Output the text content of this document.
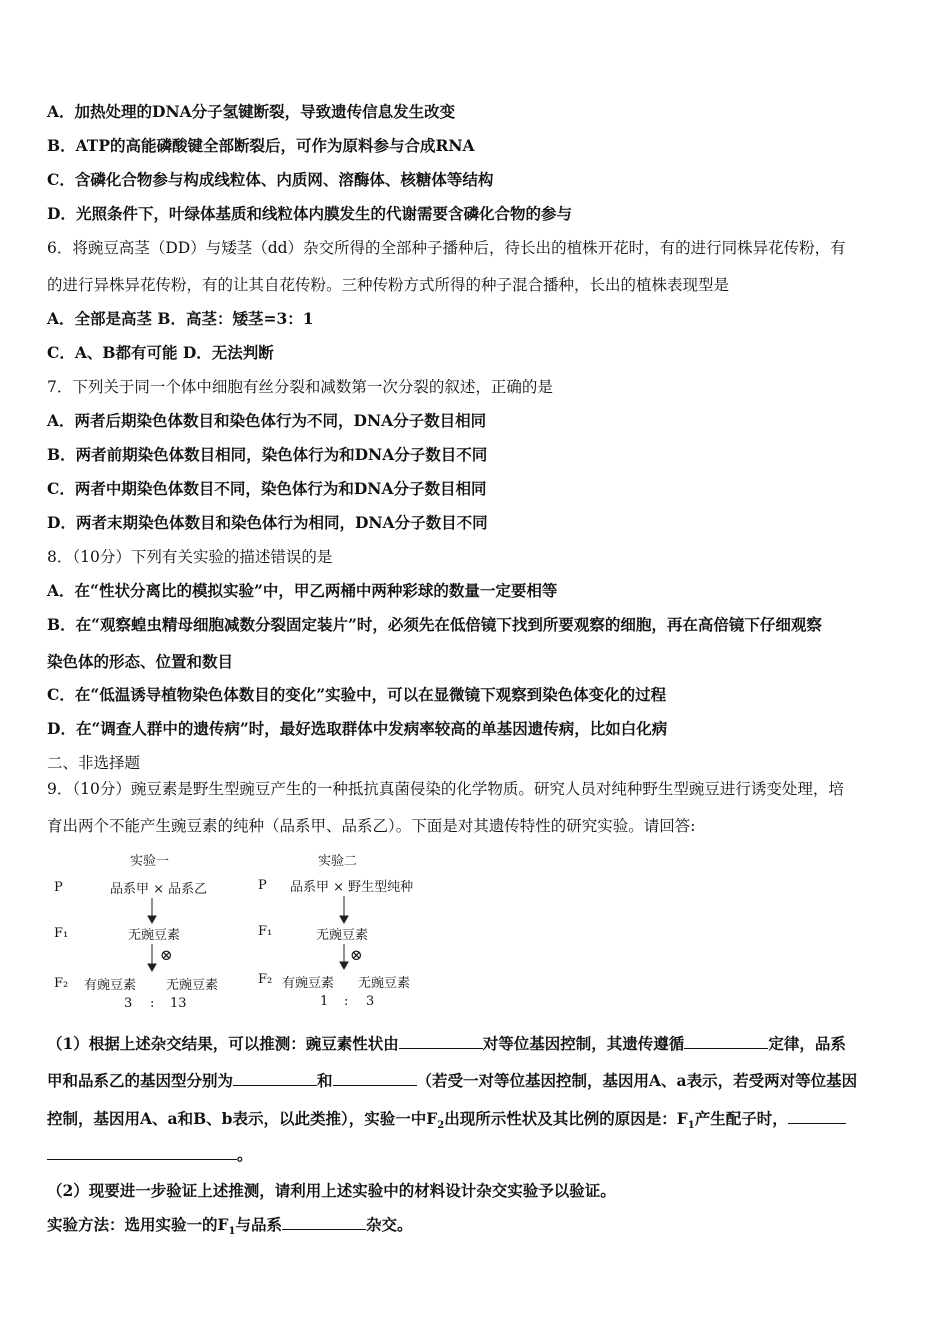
A．加热处理的DNA分子氢键断裂，导致遗传信息发生改变
B．ATP的高能磷酸键全部断裂后，可作为原料参与合成RNA
C．含磷化合物参与构成线粒体、内质网、溶酶体、核糖体等结构
D．光照条件下，叶绿体基质和线粒体内膜发生的代谢需要含磷化合物的参与
6．将豌豆高茎（DD）与矮茎（dd）杂交所得的全部种子播种后，待长出的植株开花时，有的进行同株异花传粉，有
的进行异株异花传粉，有的让其自花传粉。三种传粉方式所得的种子混合播种，长出的植株表现型是
A．全部是高茎 B．高茎：矮茎=3：1
C．A、B都有可能 D．无法判断
7．下列关于同一个体中细胞有丝分裂和减数第一次分裂的叙述，正确的是
A．两者后期染色体数目和染色体行为不同，DNA分子数目相同
B．两者前期染色体数目相同，染色体行为和DNA分子数目不同
C．两者中期染色体数目不同，染色体行为和DNA分子数目相同
D．两者末期染色体数目和染色体行为相同，DNA分子数目不同
8．（10分）下列有关实验的描述错误的是
A．在“性状分离比的模拟实验”中，甲乙两桶中两种彩球的数量一定要相等
B．在“观察蝗虫精母细胞减数分裂固定装片”时，必须先在低倍镜下找到所要观察的细胞，再在高倍镜下仔细观察
染色体的形态、位置和数目
C．在“低温诱导植物染色体数目的变化”实验中，可以在显微镜下观察到染色体变化的过程
D．在“调查人群中的遗传病”时，最好选取群体中发病率较高的单基因遗传病，比如白化病
二、非选择题
9．（10分）豌豆素是野生型豌豆产生的一种抵抗真菌侵染的化学物质。研究人员对纯种野生型豌豆进行诱变处理，培
育出两个不能产生豌豆素的纯种（品系甲、品系乙）。下面是对其遗传特性的研究实验。请回答:
实验一
P	品系甲 × 品系乙
F₁	无豌豆素
⊗
F₂ 有豌豆素 无豌豆素
3 : 13
实验二
P 品系甲 × 野生型纯种
F₁	无豌豆素
⊗
F₂ 有豌豆素 无豌豆素
1 : 3
（1）根据上述杂交结果，可以推测：豌豆素性状由	对等位基因控制，其遗传遵循	定律，品系
甲和品系乙的基因型分别为	和	（若受一对等位基因控制，基因用A、a表示，若受两对等位基因
控制，基因用A、a和B、b表示，以此类推），实验一中$F_2$出现所示性状及其比例的原因是：$F_1$产生配子时，
。
（2）现要进一步验证上述推测，请利用上述实验中的材料设计杂交实验予以验证。
实验方法：选用实验一的$F_1$与品系	杂交。
